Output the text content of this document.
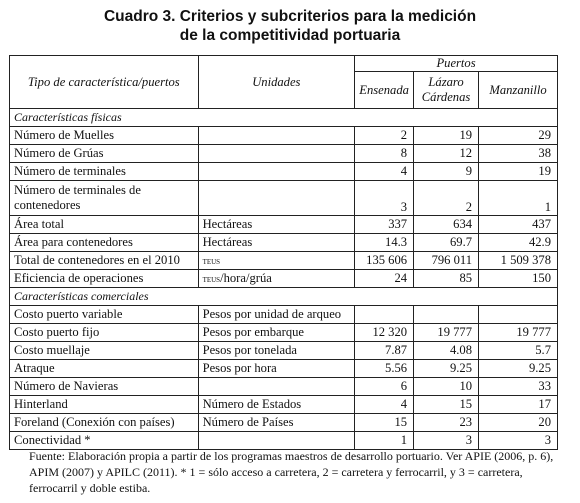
Cuadro 3. Criterios y subcriterios para la medición
de la competitividad portuaria
Tipo de característica/puertos	Unidades	Puertos		
		Ensenada	Lázaro Cárdenas	Manzanillo
Características físicas				
Número de Muelles		2	19	29
Número de Grúas		8	12	38
Número de terminales		4	9	19
Número de terminales de contenedores		3	2	1
Área total	Hectáreas	337	634	437
Área para contenedores	Hectáreas	14.3	69.7	42.9
Total de contenedores en el 2010	teus	135 606	796 011	1 509 378
Eficiencia de operaciones	teus/hora/grúa	24	85	150
Características comerciales				
Costo puerto variable	Pesos por unidad de arqueo			
Costo puerto fijo	Pesos por embarque	12 320	19 777	19 777
Costo muellaje	Pesos por tonelada	7.87	4.08	5.7
Atraque	Pesos por hora	5.56	9.25	9.25
Número de Navieras		6	10	33
Hinterland	Número de Estados	4	15	17
Foreland (Conexión con países)	Número de Países	15	23	20
Conectividad *		1	3	3
Fuente: Elaboración propia a partir de los programas maestros de desarrollo portuario. Ver APIE (2006, p. 6), APIM (2007) y APILC (2011). * 1 = sólo acceso a carretera, 2 = carretera y ferrocarril, y 3 = carretera, ferrocarril y doble estiba.
